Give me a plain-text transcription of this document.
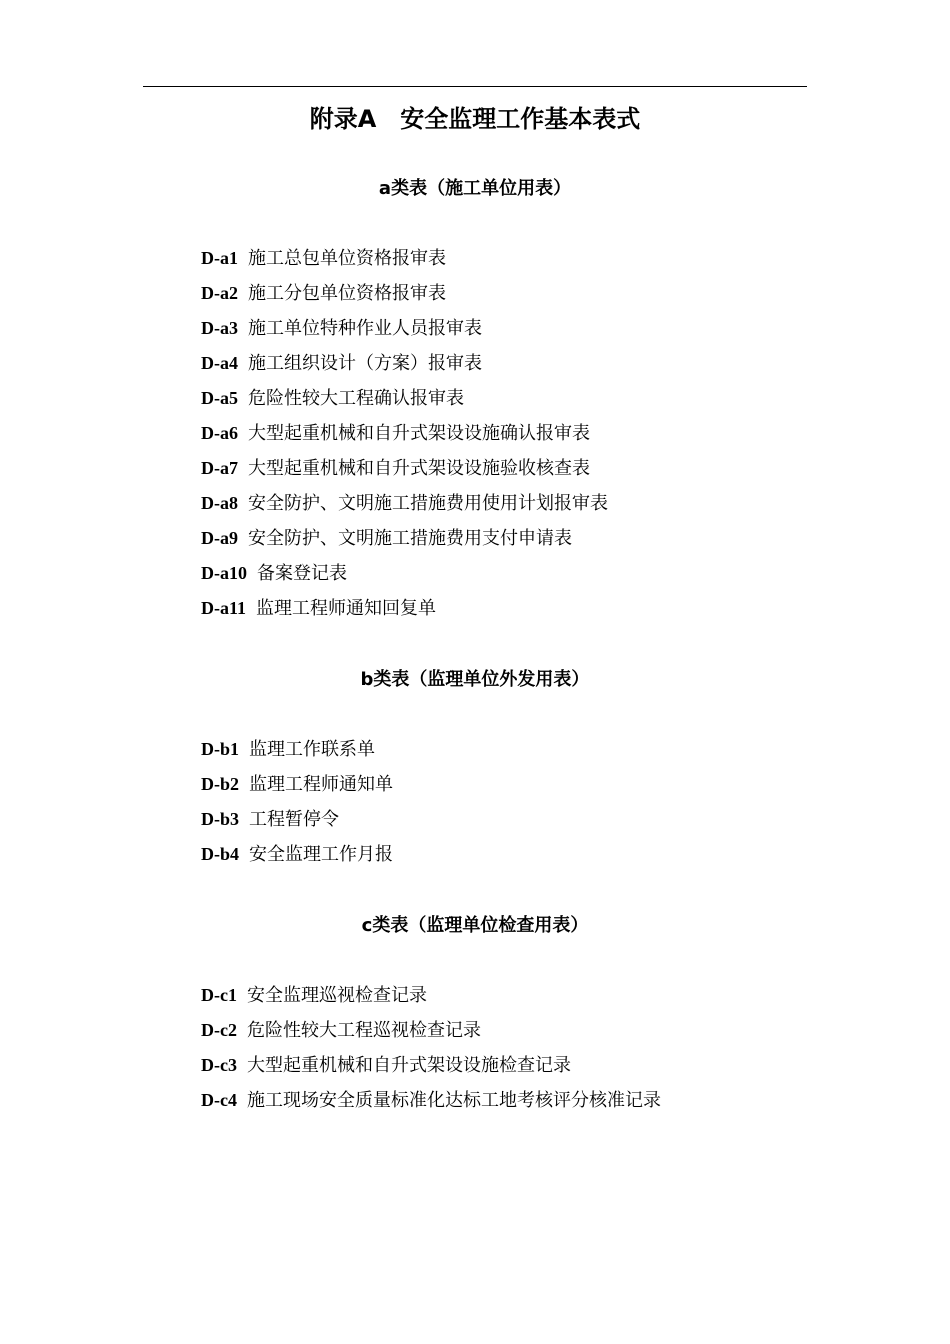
附录A　安全监理工作基本表式
a类表（施工单位用表）
D-a1 施工总包单位资格报审表
D-a2 施工分包单位资格报审表
D-a3 施工单位特种作业人员报审表
D-a4 施工组织设计（方案）报审表
D-a5 危险性较大工程确认报审表
D-a6 大型起重机械和自升式架设设施确认报审表
D-a7 大型起重机械和自升式架设设施验收核查表
D-a8 安全防护、文明施工措施费用使用计划报审表
D-a9 安全防护、文明施工措施费用支付申请表
D-a10 备案登记表
D-a11 监理工程师通知回复单
b类表（监理单位外发用表）
D-b1 监理工作联系单
D-b2 监理工程师通知单
D-b3 工程暂停令
D-b4 安全监理工作月报
c类表（监理单位检查用表）
D-c1 安全监理巡视检查记录
D-c2 危险性较大工程巡视检查记录
D-c3 大型起重机械和自升式架设设施检查记录
D-c4 施工现场安全质量标准化达标工地考核评分核准记录
